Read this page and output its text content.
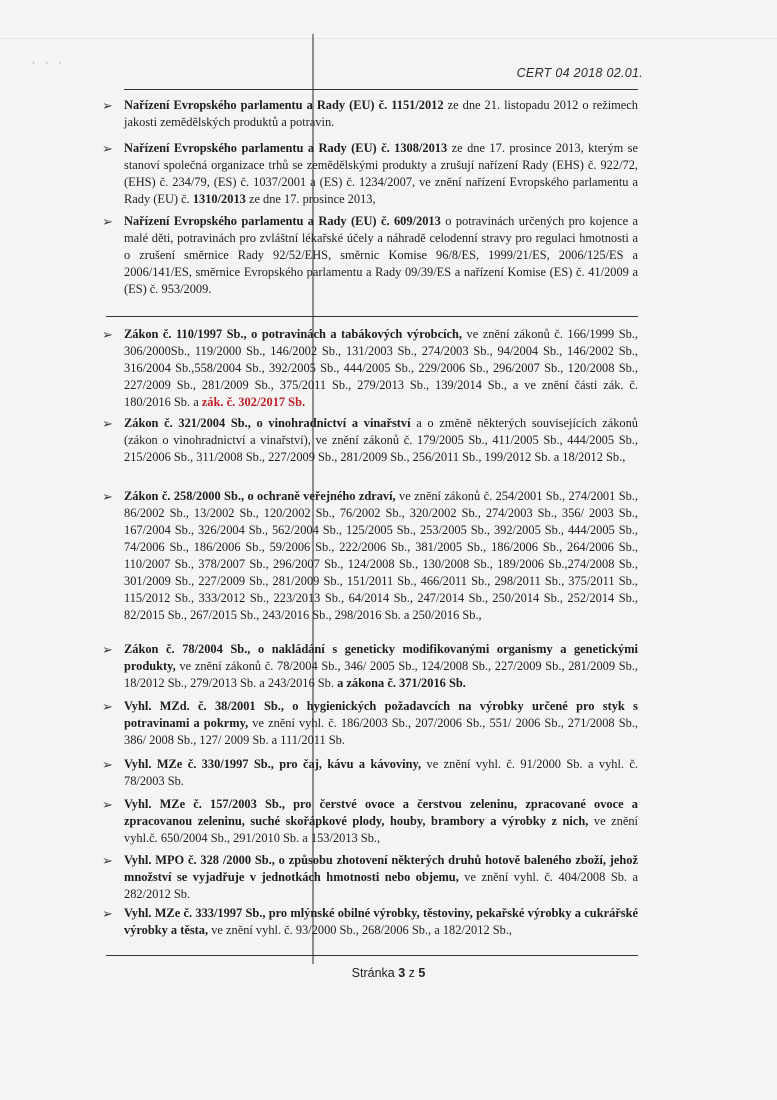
· · ·
CERT 04 2018 02.01.
➢ Nařízení Evropského parlamentu a Rady (EU) č. 1151/2012 ze dne 21. listopadu 2012 o režimech jakosti zemědělských produktů a potravin.
➢ Nařízení Evropského parlamentu a Rady (EU) č. 1308/2013 ze dne 17. prosince 2013, kterým se stanoví společná organizace trhů se zemědělskými produkty a zrušují nařízení Rady (EHS) č. 922/72, (EHS) č. 234/79, (ES) č. 1037/2001 a (ES) č. 1234/2007, ve znění nařízení Evropského parlamentu a Rady (EU) č. 1310/2013 ze dne 17. prosince 2013,
➢ Nařízení Evropského parlamentu a Rady (EU) č. 609/2013 o potravinách určených pro kojence a malé děti, potravinách pro zvláštní lékařské účely a náhradě celodenní stravy pro regulaci hmotnosti a o zrušení směrnice Rady 92/52/EHS, směrnic Komise 96/8/ES, 1999/21/ES, 2006/125/ES a 2006/141/ES, směrnice Evropského parlamentu a Rady 09/39/ES a nařízení Komise (ES) č. 41/2009 a (ES) č. 953/2009.
➢ Zákon č. 110/1997 Sb., o potravinách a tabákových výrobcích, ve znění zákonů č. 166/1999 Sb., 306/2000Sb., 119/2000 Sb., 146/2002 Sb., 131/2003 Sb., 274/2003 Sb., 94/2004 Sb., 146/2002 Sb., 316/2004 Sb.,558/2004 Sb., 392/2005 Sb., 444/2005 Sb., 229/2006 Sb., 296/2007 Sb., 120/2008 Sb., 227/2009 Sb., 281/2009 Sb., 375/2011 Sb., 279/2013 Sb., 139/2014 Sb., a ve znění části zák. č. 180/2016 Sb. a zák. č. 302/2017 Sb.
➢ Zákon č. 321/2004 Sb., o vinohradnictví a vinařství a o změně některých souvisejících zákonů (zákon o vinohradnictví a vinařství), ve znění zákonů č. 179/2005 Sb., 411/2005 Sb., 444/2005 Sb., 215/2006 Sb., 311/2008 Sb., 227/2009 Sb., 281/2009 Sb., 256/2011 Sb., 199/2012 Sb. a 18/2012 Sb.,
➢ Zákon č. 258/2000 Sb., o ochraně veřejného zdraví, ve znění zákonů č. 254/2001 Sb., 274/2001 Sb., 86/2002 Sb., 13/2002 Sb., 120/2002 Sb., 76/2002 Sb., 320/2002 Sb., 274/2003 Sb., 356/ 2003 Sb., 167/2004 Sb., 326/2004 Sb., 562/2004 Sb., 125/2005 Sb., 253/2005 Sb., 392/2005 Sb., 444/2005 Sb., 74/2006 Sb., 186/2006 Sb., 59/2006 Sb., 222/2006 Sb., 381/2005 Sb., 186/2006 Sb., 264/2006 Sb., 110/2007 Sb., 378/2007 Sb., 296/2007 Sb., 124/2008 Sb., 130/2008 Sb., 189/2006 Sb.,274/2008 Sb., 301/2009 Sb., 227/2009 Sb., 281/2009 Sb., 151/2011 Sb., 466/2011 Sb., 298/2011 Sb., 375/2011 Sb., 115/2012 Sb., 333/2012 Sb., 223/2013 Sb., 64/2014 Sb., 247/2014 Sb., 250/2014 Sb., 252/2014 Sb., 82/2015 Sb., 267/2015 Sb., 243/2016 Sb., 298/2016 Sb. a 250/2016 Sb.,
➢ Zákon č. 78/2004 Sb., o nakládání s geneticky modifikovanými organismy a genetickými produkty, ve znění zákonů č. 78/2004 Sb., 346/ 2005 Sb., 124/2008 Sb., 227/2009 Sb., 281/2009 Sb., 18/2012 Sb., 279/2013 Sb. a 243/2016 Sb. a zákona č. 371/2016 Sb.
➢ Vyhl. MZd. č. 38/2001 Sb., o hygienických požadavcích na výrobky určené pro styk s potravinami a pokrmy, ve znění vyhl. č. 186/2003 Sb., 207/2006 Sb., 551/ 2006 Sb., 271/2008 Sb., 386/ 2008 Sb., 127/ 2009 Sb. a 111/2011 Sb.
➢ Vyhl. MZe č. 330/1997 Sb., pro čaj, kávu a kávoviny, ve znění vyhl. č. 91/2000 Sb. a vyhl. č. 78/2003 Sb.
➢ Vyhl. MZe č. 157/2003 Sb., pro čerstvé ovoce a čerstvou zeleninu, zpracované ovoce a zpracovanou zeleninu, suché skořápkové plody, houby, brambory a výrobky z nich, ve znění vyhl.č. 650/2004 Sb., 291/2010 Sb. a 153/2013 Sb.,
➢ Vyhl. MPO č. 328 /2000 Sb., o způsobu zhotovení některých druhů hotově baleného zboží, jehož množství se vyjadřuje v jednotkách hmotnosti nebo objemu, ve znění vyhl. č. 404/2008 Sb. a 282/2012 Sb.
➢ Vyhl. MZe č. 333/1997 Sb., pro mlýnské obilné výrobky, těstoviny, pekařské výrobky a cukrářské výrobky a těsta, ve znění vyhl. č. 93/2000 Sb., 268/2006 Sb., a 182/2012 Sb.,
Stránka 3 z 5
